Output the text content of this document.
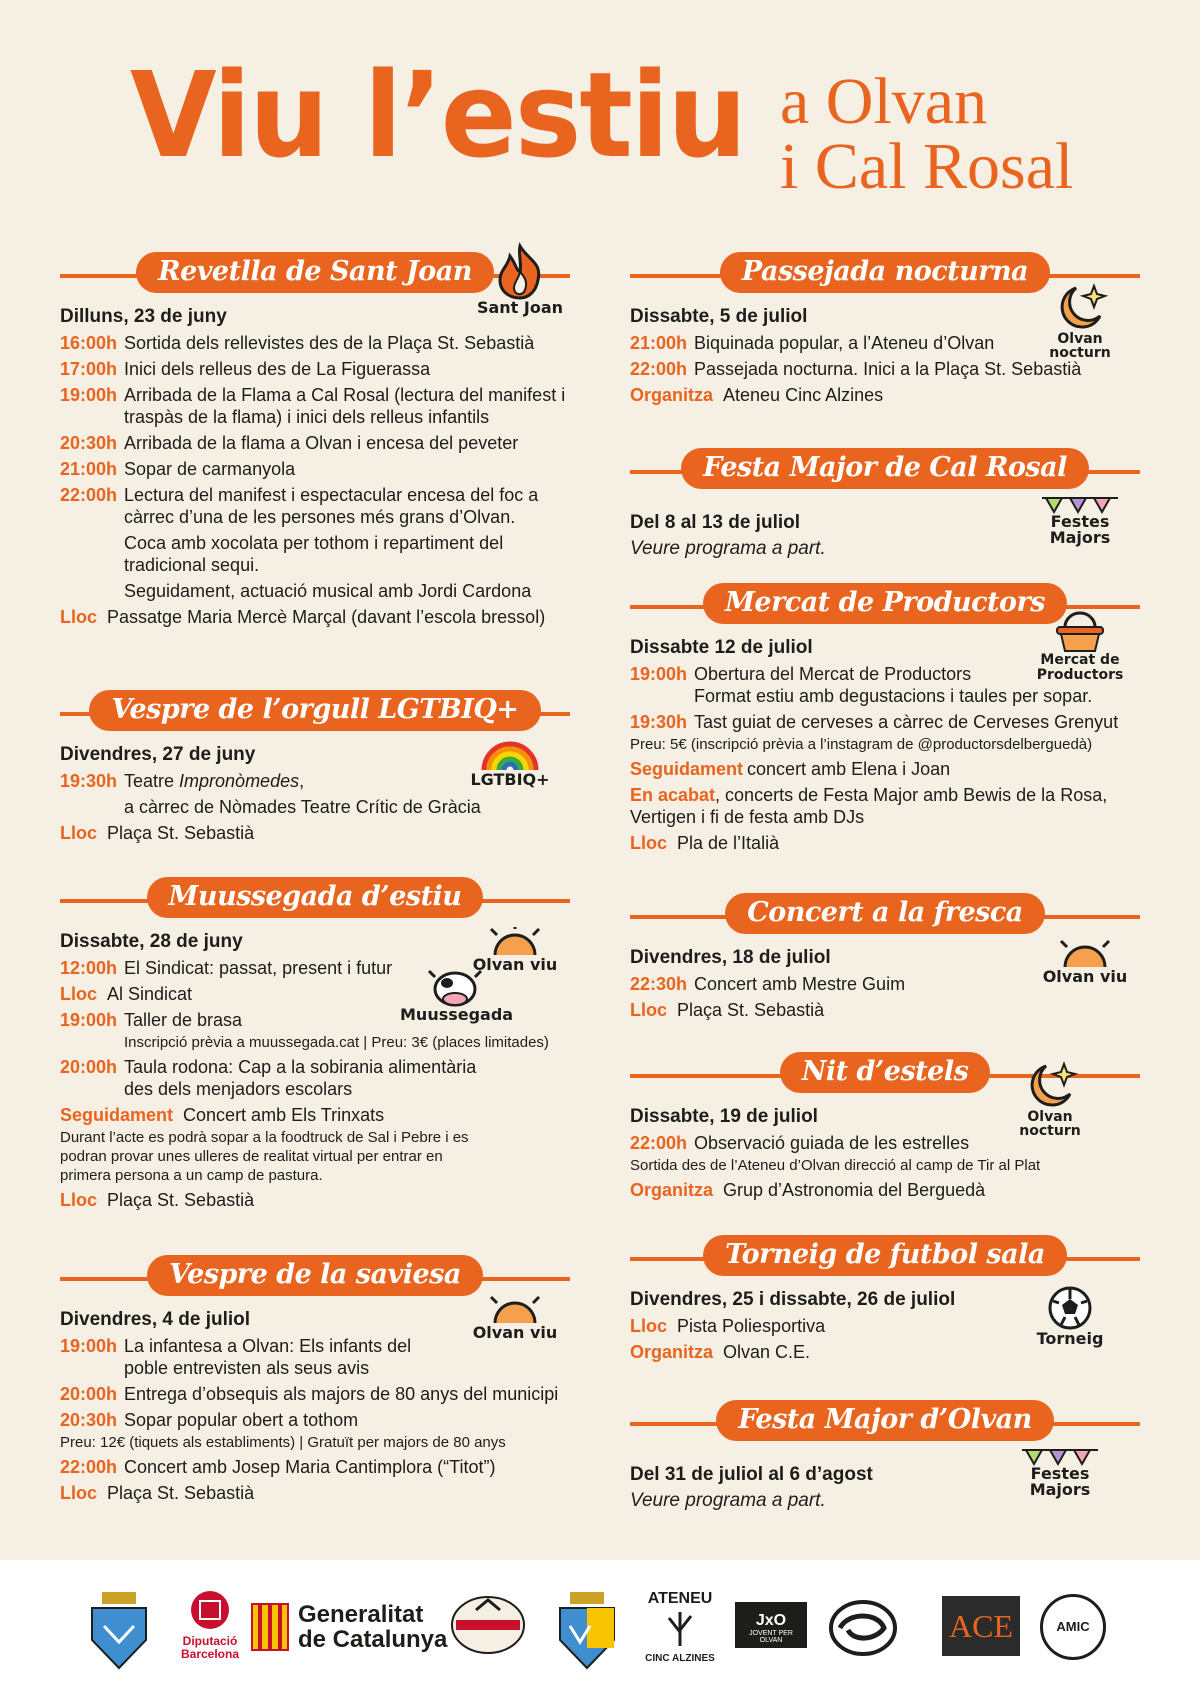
Viu l’estiu a Olvan
i Cal Rosal
Revetlla de Sant Joan
Sant Joan
Dilluns, 23 de juny
16:00h Sortida dels rellevistes des de la Plaça St. Sebastià
17:00h Inici dels relleus des de La Figuerassa
19:00h Arribada de la Flama a Cal Rosal (lectura del manifest i traspàs de la flama) i inici dels relleus infantils
20:30h Arribada de la flama a Olvan i encesa del peveter
21:00h Sopar de carmanyola
22:00h Lectura del manifest i espectacular encesa del foc a càrrec d’una de les persones més grans d’Olvan.
Coca amb xocolata per tothom i repartiment del tradicional sequi.
Seguidament, actuació musical amb Jordi Cardona
Lloc Passatge Maria Mercè Marçal (davant l’escola bressol)
Vespre de l’orgull LGTBIQ+
LGTBIQ+
Divendres, 27 de juny
19:30h Teatre Impronòmedes,
a càrrec de Nòmades Teatre Crític de Gràcia
Lloc Plaça St. Sebastià
Muussegada d’estiu
Olvan viu
Muussegada
Dissabte, 28 de juny
12:00h El Sindicat: passat, present i futur
Lloc Al Sindicat
19:00h Taller de brasa
Inscripció prèvia a muussegada.cat | Preu: 3€ (places limitades)
20:00h Taula rodona: Cap a la sobirania alimentària des dels menjadors escolars
Seguidament Concert amb Els Trinxats
Durant l’acte es podrà sopar a la foodtruck de Sal i Pebre i es podran provar unes ulleres de realitat virtual per entrar en primera persona a un camp de pastura.
Lloc Plaça St. Sebastià
Vespre de la saviesa
Olvan viu
Divendres, 4 de juliol
19:00h La infantesa a Olvan: Els infants del poble entrevisten als seus avis
20:00h Entrega d’obsequis als majors de 80 anys del municipi
20:30h Sopar popular obert a tothom
Preu: 12€ (tiquets als establiments) | Gratuït per majors de 80 anys
22:00h Concert amb Josep Maria Cantimplora (“Titot”)
Lloc Plaça St. Sebastià
Passejada nocturna
Olvan nocturn
Dissabte, 5 de juliol
21:00h Biquinada popular, a l’Ateneu d’Olvan
22:00h Passejada nocturna. Inici a la Plaça St. Sebastià
Organitza Ateneu Cinc Alzines
Festa Major de Cal Rosal
Festes Majors
Del 8 al 13 de juliol
Veure programa a part.
Mercat de Productors
Mercat de Productors
Dissabte 12 de juliol
19:00h Obertura del Mercat de Productors
Format estiu amb degustacions i taules per sopar.
19:30h Tast guiat de cerveses a càrrec de Cerveses Grenyut
Preu: 5€ (inscripció prèvia a l’instagram de @productorsdelberguedà)
Seguidament concert amb Elena i Joan
En acabat, concerts de Festa Major amb Bewis de la Rosa, Vertigen i fi de festa amb DJs
Lloc Pla de l’Italià
Concert a la fresca
Olvan viu
Divendres, 18 de juliol
22:30h Concert amb Mestre Guim
Lloc Plaça St. Sebastià
Nit d’estels
Olvan nocturn
Dissabte, 19 de juliol
22:00h Observació guiada de les estrelles
Sortida des de l’Ateneu d’Olvan direcció al camp de Tir al Plat
Organitza Grup d’Astronomia del Berguedà
Torneig de futbol sala
Torneig
Divendres, 25 i dissabte, 26 de juliol
Lloc Pista Poliesportiva
Organitza Olvan C.E.
Festa Major d’Olvan
Festes Majors
Del 31 de juliol al 6 d’agost
Veure programa a part.
Diputació Barcelona
Generalitat
de Catalunya
ATENEU
CINC ALZINES
JxO
JOVENT PER OLVAN	ACE	AMIC
